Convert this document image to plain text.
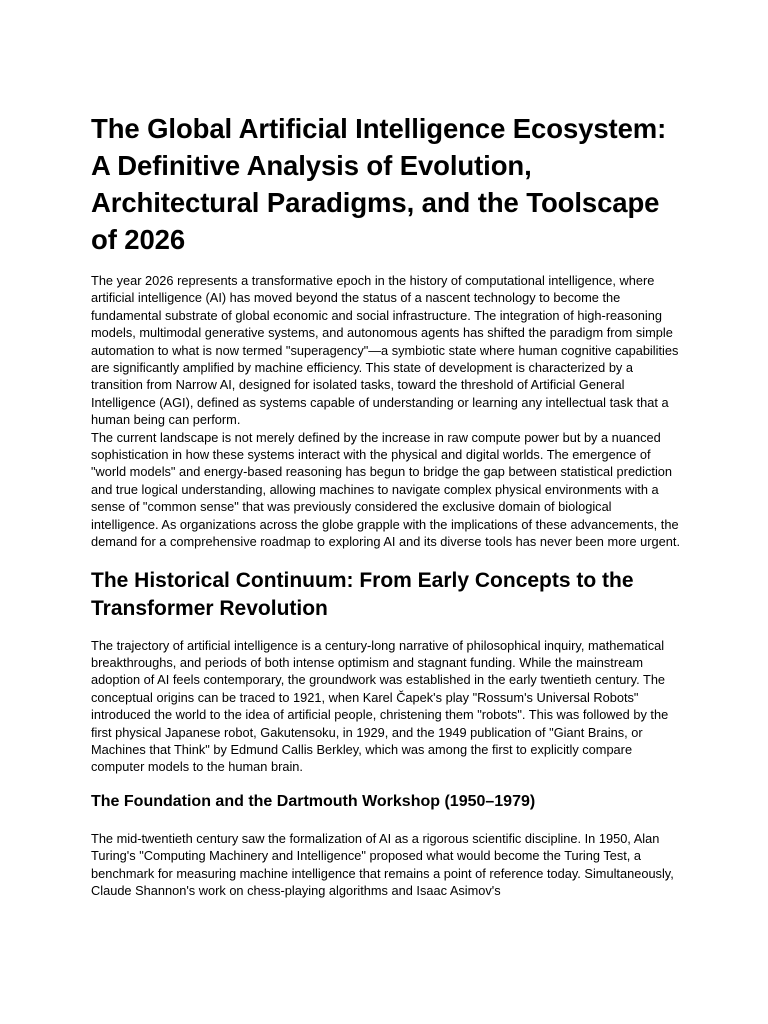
The Global Artificial Intelligence Ecosystem: A Definitive Analysis of Evolution, Architectural Paradigms, and the Toolscape of 2026

The year 2026 represents a transformative epoch in the history of computational intelligence, where artificial intelligence (AI) has moved beyond the status of a nascent technology to become the fundamental substrate of global economic and social infrastructure. The integration of high-reasoning models, multimodal generative systems, and autonomous agents has shifted the paradigm from simple automation to what is now termed "superagency"—a symbiotic state where human cognitive capabilities are significantly amplified by machine efficiency. This state of development is characterized by a transition from Narrow AI, designed for isolated tasks, toward the threshold of Artificial General Intelligence (AGI), defined as systems capable of understanding or learning any intellectual task that a human being can perform.

The current landscape is not merely defined by the increase in raw compute power but by a nuanced sophistication in how these systems interact with the physical and digital worlds. The emergence of "world models" and energy-based reasoning has begun to bridge the gap between statistical prediction and true logical understanding, allowing machines to navigate complex physical environments with a sense of "common sense" that was previously considered the exclusive domain of biological intelligence. As organizations across the globe grapple with the implications of these advancements, the demand for a comprehensive roadmap to exploring AI and its diverse tools has never been more urgent.

The Historical Continuum: From Early Concepts to the Transformer Revolution

The trajectory of artificial intelligence is a century-long narrative of philosophical inquiry, mathematical breakthroughs, and periods of both intense optimism and stagnant funding. While the mainstream adoption of AI feels contemporary, the groundwork was established in the early twentieth century. The conceptual origins can be traced to 1921, when Karel Čapek's play "Rossum's Universal Robots" introduced the world to the idea of artificial people, christening them "robots". This was followed by the first physical Japanese robot, Gakutensoku, in 1929, and the 1949 publication of "Giant Brains, or Machines that Think" by Edmund Callis Berkley, which was among the first to explicitly compare computer models to the human brain.

The Foundation and the Dartmouth Workshop (1950–1979)

The mid-twentieth century saw the formalization of AI as a rigorous scientific discipline. In 1950, Alan Turing's "Computing Machinery and Intelligence" proposed what would become the Turing Test, a benchmark for measuring machine intelligence that remains a point of reference today. Simultaneously, Claude Shannon's work on chess-playing algorithms and Isaac Asimov's
